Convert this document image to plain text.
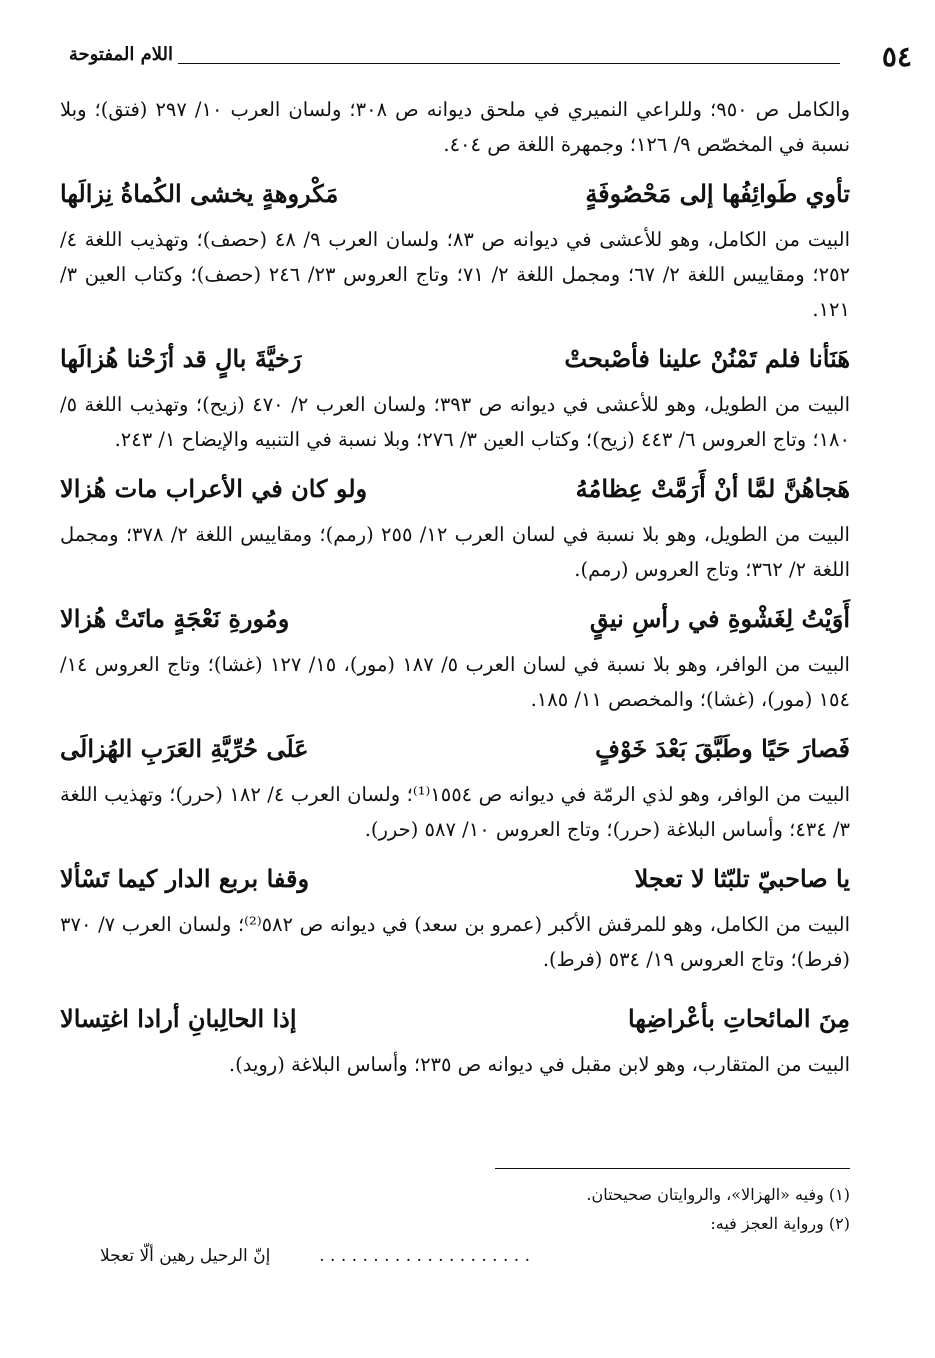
٥٤
اللام المفتوحة

والكامل ص ٩٥٠؛ وللراعي النميري في ملحق ديوانه ص ٣٠٨؛ ولسان العرب ١٠/ ٢٩٧ (فتق)؛ وبلا نسبة في المخصّص ٩/ ١٢٦؛ وجمهرة اللغة ص ٤٠٤.

تأوي طَوائِفُها إلى مَحْصُوفَةٍ
مَكْروهةٍ يخشى الكُماةُ نِزالَها

البيت من الكامل، وهو للأعشى في ديوانه ص ٨٣؛ ولسان العرب ٩/ ٤٨ (حصف)؛ وتهذيب اللغة ٤/ ٢٥٢؛ ومقاييس اللغة ٢/ ٦٧؛ ومجمل اللغة ٢/ ٧١؛ وتاج العروس ٢٣/ ٢٤٦ (حصف)؛ وكتاب العين ٣/ ١٢١.

هَنَأنا فلم تَمْنُنْ علينا فأصْبحتْ
رَخيَّةَ بالٍ قد أزَحْنا هُزالَها

البيت من الطويل، وهو للأعشى في ديوانه ص ٣٩٣؛ ولسان العرب ٢/ ٤٧٠ (زيح)؛ وتهذيب اللغة ٥/ ١٨٠؛ وتاج العروس ٦/ ٤٤٣ (زيح)؛ وكتاب العين ٣/ ٢٧٦؛ وبلا نسبة في التنبيه والإيضاح ١/ ٢٤٣.

هَجاهُنَّ لمَّا أنْ أَرَمَّتْ عِظامُهُ
ولو كان في الأعراب مات هُزالا

البيت من الطويل، وهو بلا نسبة في لسان العرب ١٢/ ٢٥٥ (رمم)؛ ومقاييس اللغة ٢/ ٣٧٨؛ ومجمل اللغة ٢/ ٣٦٢؛ وتاج العروس (رمم).

أَوَيْتُ لِغَشْوةِ في رأسِ نيقٍ
ومُورةِ نَعْجَةٍ ماتَتْ هُزالا

البيت من الوافر، وهو بلا نسبة في لسان العرب ٥/ ١٨٧ (مور)، ١٥/ ١٢٧ (غشا)؛ وتاج العروس ١٤/ ١٥٤ (مور)، (غشا)؛ والمخصص ١١/ ١٨٥.

فَصارَ حَيًا وطَبَّقَ بَعْدَ خَوْفٍ
عَلَى حُرِّيَّةِ العَرَبِ الهُزالَى

البيت من الوافر، وهو لذي الرمّة في ديوانه ص ١٥٥٤⁽¹⁾؛ ولسان العرب ٤/ ١٨٢ (حرر)؛ وتهذيب اللغة ٣/ ٤٣٤؛ وأساس البلاغة (حرر)؛ وتاج العروس ١٠/ ٥٨٧ (حرر).

يا صاحبيّ تلبّثا لا تعجلا
وقفا بربع الدار كيما تَسْألا

البيت من الكامل، وهو للمرقش الأكبر (عمرو بن سعد) في ديوانه ص ٥٨٢⁽²⁾؛ ولسان العرب ٧/ ٣٧٠ (فرط)؛ وتاج العروس ١٩/ ٥٣٤ (فرط).

مِنَ المائحاتِ بأعْراضِها
إذا الحالِبانِ أرادا اغتِسالا

البيت من المتقارب، وهو لابن مقبل في ديوانه ص ٢٣٥؛ وأساس البلاغة (رويد).

(١) وفيه «الهزالا»، والروايتان صحيحتان.

(٢) ورواية العجز فيه:

. . . . . . . . . . . . . . . . . . . .
إنّ الرحيل رهين ألّا تعجلا
